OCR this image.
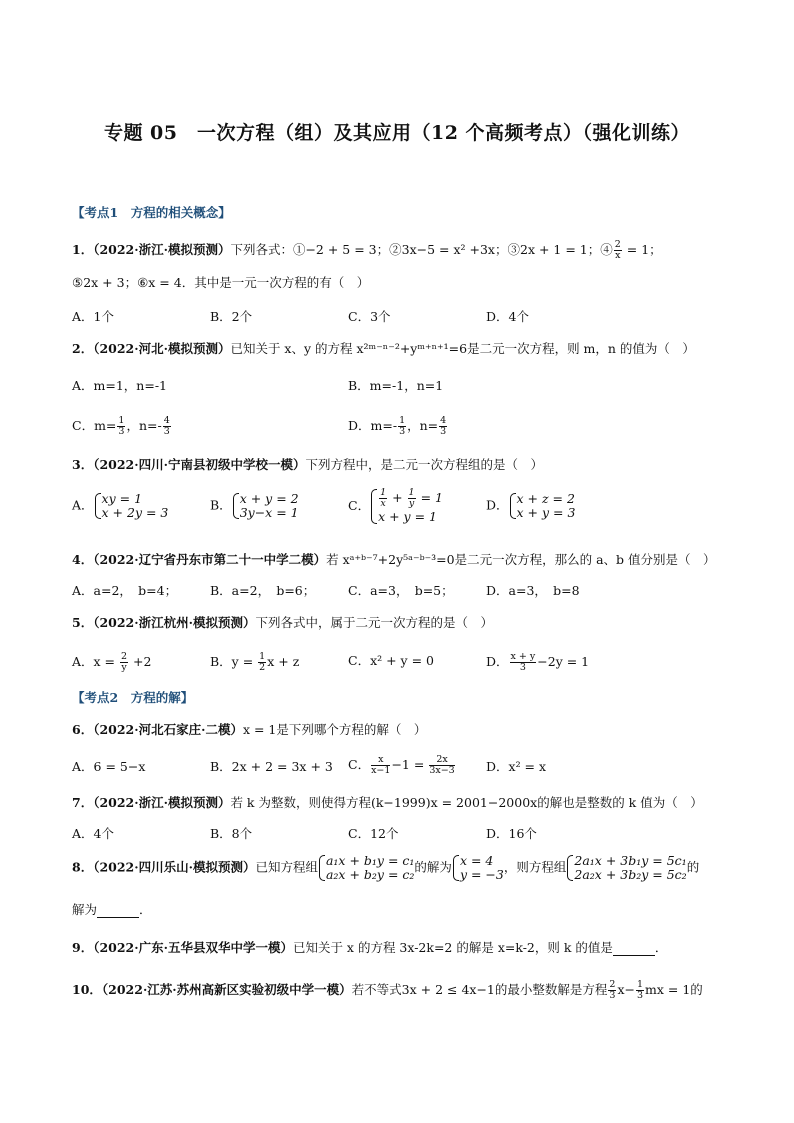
专题 05　一次方程（组）及其应用（12 个高频考点）（强化训练）
【考点1　方程的相关概念】
1．（2022·浙江·模拟预测）下列各式：①−2 + 5 = 3；②3x−5 = x² +3x；③2x + 1 = 1；④ $\frac{2}{x} = 1$；
⑤2x + 3；⑥x = 4．其中是一元一次方程的有（　）
A．1个	B．2个	C．3个	D．4个
2．（2022·河北·模拟预测）已知关于 x、y 的方程 x²ᵐ⁻ⁿ⁻²+yᵐ⁺ⁿ⁺¹=6是二元一次方程，则 m，n 的值为（　）
A．m=1，n=-1	B．m=-1，n=1
C．$m= \frac{1}{3}$ ，$n=- \frac{4}{3}$	D．$m=- \frac{1}{3}$ ，$n= \frac{4}{3}$
3．（2022·四川·宁南县初级中学校一模）下列方程中，是二元一次方程组的是（　）
A． xy = 1
x + 2y = 3	B． x + y = 2
3y−x = 1	C． $\frac{1}{x} + \frac{1}{y} = 1$
x + y = 1
D． x + z = 2
x + y = 3
4．（2022·辽宁省丹东市第二十一中学二模）若 xᵃ⁺ᵇ⁻⁷+2y⁵ᵃ⁻ᵇ⁻³=0是二元一次方程，那么的 a、b 值分别是（　）
A．a=2，　b=4；	B．a=2，　b=6；	C．a=3，　b=5；	D．a=3，　b=8
5．（2022·浙江杭州·模拟预测）下列各式中，属于二元一次方程的是（　）
A．$x = \frac{2}{y} +2$	B．$y = \frac{1}{2}$ x + z	C．x² + y = 0	D． $\frac{x + y}{3} -2y = 1$
【考点2　方程的解】
6．（2022·河北石家庄·二模）x = 1是下列哪个方程的解（　）
A．6 = 5−x	B．2x + 2 = 3x + 3 C． $\frac{x}{x-1} -1 = \frac{2x}{3x-3}$	D．x² = x
7．（2022·浙江·模拟预测）若 k 为整数，则使得方程(k−1999)x = 2001−2000x的解也是整数的 k 值为（　）
A．4个	B．8个	C．12个	D．16个
8．（2022·四川乐山·模拟预测）已知方程组 a₁x + b₁y = c₁
a₂x + b₂y = c₂ 的解为 x = 4
y = −3 ，则方程组 2a₁x + 3b₁y = 5c₁
2a₂x + 3b₂y = 5c₂ 的
解为	．
9．（2022·广东·五华县双华中学一模）已知关于 x 的方程 3x-2k=2 的解是 x=k-2，则 k 的值是	．
10．（2022·江苏·苏州高新区实验初级中学一模）若不等式3x + 2 ≤ 4x−1的最小整数解是方程 $\frac{2}{3} x- \frac{1}{3}$ mx = 1的
